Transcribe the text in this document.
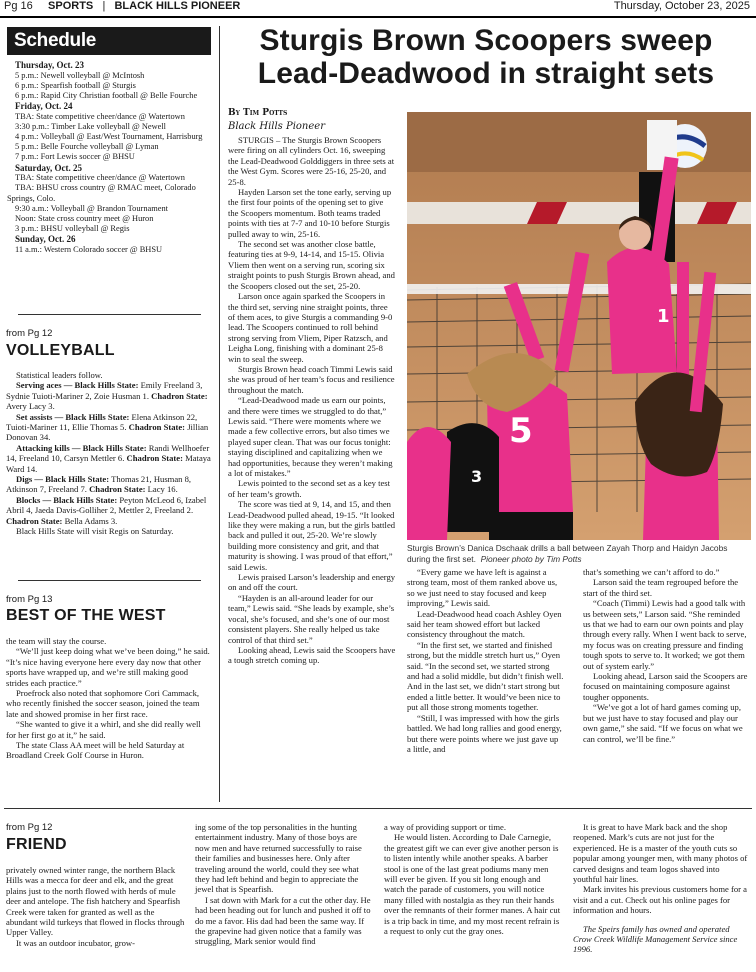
Pg 16 SPORTS | BLACK HILLS PIONEER	Thursday, October 23, 2025
Schedule

Thursday, Oct. 23

5 p.m.: Newell volleyball @ McIntosh

6 p.m.: Spearfish football @ Sturgis

6 p.m.: Rapid City Christian football @ Belle Fourche

Friday, Oct. 24

TBA: State competitive cheer/dance @ Watertown

3:30 p.m.: Timber Lake volleyball @ Newell

4 p.m.: Volleyball @ East/West Tournament, Harrisburg

5 p.m.: Belle Fourche volleyball @ Lyman

7 p.m.: Fort Lewis soccer @ BHSU

Saturday, Oct. 25

TBA: State competitive cheer/dance @ Watertown

TBA: BHSU cross country @ RMAC meet, Colorado Springs, Colo.

9:30 a.m.: Volleyball @ Brandon Tournament

Noon: State cross country meet @ Huron

3 p.m.: BHSU volleyball @ Regis

Sunday, Oct. 26

11 a.m.: Western Colorado soccer @ BHSU

from Pg 12
VOLLEYBALL

Statistical leaders follow.

Serving aces — Black Hills State: Emily Freeland 3, Sydnie Tuioti-Mariner 2, Zoie Husman 1. Chadron State: Avery Lacy 3.

Set assists — Black Hills State: Elena Atkinson 22, Tuioti-Mariner 11, Ellie Thomas 5. Chadron State: Jillian Donovan 34.

Attacking kills — Black Hills State: Randi Wellhoefer 14, Freeland 10, Carsyn Mettler 6. Chadron State: Mataya Ward 14.

Digs — Black Hills State: Thomas 21, Husman 8, Atkinson 7, Freeland 7. Chadron State: Lacy 16.

Blocks — Black Hills State: Peyton McLeod 6, Izabel Abril 4, Jaeda Davis-Golliher 2, Mettler 2, Freeland 2. Chadron State: Bella Adams 3.

Black Hills State will visit Regis on Saturday.

from Pg 13
BEST OF THE WEST

the team will stay the course.

“We’ll just keep doing what we’ve been doing,” he said. “It’s nice having everyone here every day now that other sports have wrapped up, and we’re still making good strides each practice.”

Proefrock also noted that sophomore Cori Cammack, who recently finished the soccer season, joined the team late and showed promise in her first race.

“She wanted to give it a whirl, and she did really well for her first go at it,” he said.

The state Class AA meet will be held Saturday at Broadland Creek Golf Course in Huron.

Sturgis Brown Scoopers sweep
Lead-Deadwood in straight sets
By Tim Potts
Black Hills Pioneer

STURGIS – The Sturgis Brown Scoopers were firing on all cylinders Oct. 16, sweeping the Lead-Deadwood Golddiggers in three sets at the West Gym. Scores were 25-16, 25-20, and 25-8.

Hayden Larson set the tone early, serving up the first four points of the opening set to give the Scoopers momentum. Both teams traded points with ties at 7-7 and 10-10 before Sturgis pulled away to win, 25-16.

The second set was another close battle, featuring ties at 9-9, 14-14, and 15-15. Olivia Vliem then went on a serving run, scoring six straight points to push Sturgis Brown ahead, and the Scoopers closed out the set, 25-20.

Larson once again sparked the Scoopers in the third set, serving nine straight points, three of them aces, to give Sturgis a commanding 9-0 lead. The Scoopers continued to roll behind strong serving from Vliem, Piper Ratzsch, and Leigha Long, finishing with a dominant 25-8 win to seal the sweep.

Sturgis Brown head coach Timmi Lewis said she was proud of her team’s focus and resilience throughout the match.

“Lead-Deadwood made us earn our points, and there were times we struggled to do that,” Lewis said. “There were moments where we made a few collective errors, but also times we played super clean. That was our focus tonight: staying disciplined and capitalizing when we had opportunities, because they weren’t making a lot of mistakes.”

Lewis pointed to the second set as a key test of her team’s growth.

The score was tied at 9, 14, and 15, and then Lead-Deadwood pulled ahead, 19-15. “It looked like they were making a run, but the girls battled back and pulled it out, 25-20. We’re slowly building more consistency and grit, and that maturity is showing. I was proud of that effort,” said Lewis.

Lewis praised Larson’s leadership and energy on and off the court.

“Hayden is an all-around leader for our team,” Lewis said. “She leads by example, she’s vocal, she’s focused, and she’s one of our most consistent players. She really helped us take control of that third set.”

Looking ahead, Lewis said the Scoopers have a tough stretch coming up.

“Every game we have left is against a strong team, most of them ranked above us, so we just need to stay focused and keep improving,” Lewis said.

Lead-Deadwood head coach Ashley Oyen said her team showed effort but lacked consistency throughout the match.

“In the first set, we started and finished strong, but the middle stretch hurt us,” Oyen said. “In the second set, we started strong and had a solid middle, but didn’t finish well. And in the last set, we didn’t start strong but ended a little better. It would’ve been nice to put all those strong moments together.

“Still, I was impressed with how the girls battled. We had long rallies and good energy, but there were points where we just gave up a little, and

that’s something we can’t afford to do.”

Larson said the team regrouped before the start of the third set.

“Coach (Timmi) Lewis had a good talk with us between sets,” Larson said. “She reminded us that we had to earn our own points and play through every rally. When I went back to serve, my focus was on creating pressure and finding tough spots to serve to. It worked; we got them out of system early.”

Looking ahead, Larson said the Scoopers are focused on maintaining composure against tougher opponents.

“We’ve got a lot of hard games coming up, but we just have to stay focused and play our own game,” she said. “If we focus on what we can control, we’ll be fine.”

1
5
3
Sturgis Brown’s Danica Dschaak drills a ball between Zayah Thorp and Haidyn Jacobs during the first set. Pioneer photo by Tim Potts
from Pg 12
FRIEND

privately owned winter range, the northern Black Hills was a mecca for deer and elk, and the great plains just to the north flowed with herds of mule deer and antelope. The fish hatchery and Spearfish Creek were taken for granted as well as the abundant wild turkeys that flowed in flocks through Upper Valley.

It was an outdoor incubator, grow-

ing some of the top personalities in the hunting entertainment industry. Many of those boys are now men and have returned successfully to raise their families and businesses here. Only after traveling around the world, could they see what they had left behind and begin to appreciate the jewel that is Spearfish.

I sat down with Mark for a cut the other day. He had been heading out for lunch and pushed it off to do me a favor. His dad had been the same way. If the grapevine had given notice that a family was struggling, Mark senior would find

a way of providing support or time.

He would listen. According to Dale Carnegie, the greatest gift we can ever give another person is to listen intently while another speaks. A barber stool is one of the last great podiums many men will ever be given. If you sit long enough and watch the parade of customers, you will notice many filled with nostalgia as they run their hands over the remnants of their former manes. A hair cut is a trip back in time, and my most recent refrain is a request to only cut the gray ones.

It is great to have Mark back and the shop reopened. Mark’s cuts are not just for the experienced. He is a master of the youth cuts so popular among younger men, with many photos of carved designs and team logos shaved into youthful hair lines.

Mark invites his previous customers home for a visit and a cut. Check out his online pages for information and hours.

The Speirs family has owned and operated Crow Creek Wildlife Management Service since 1996.
